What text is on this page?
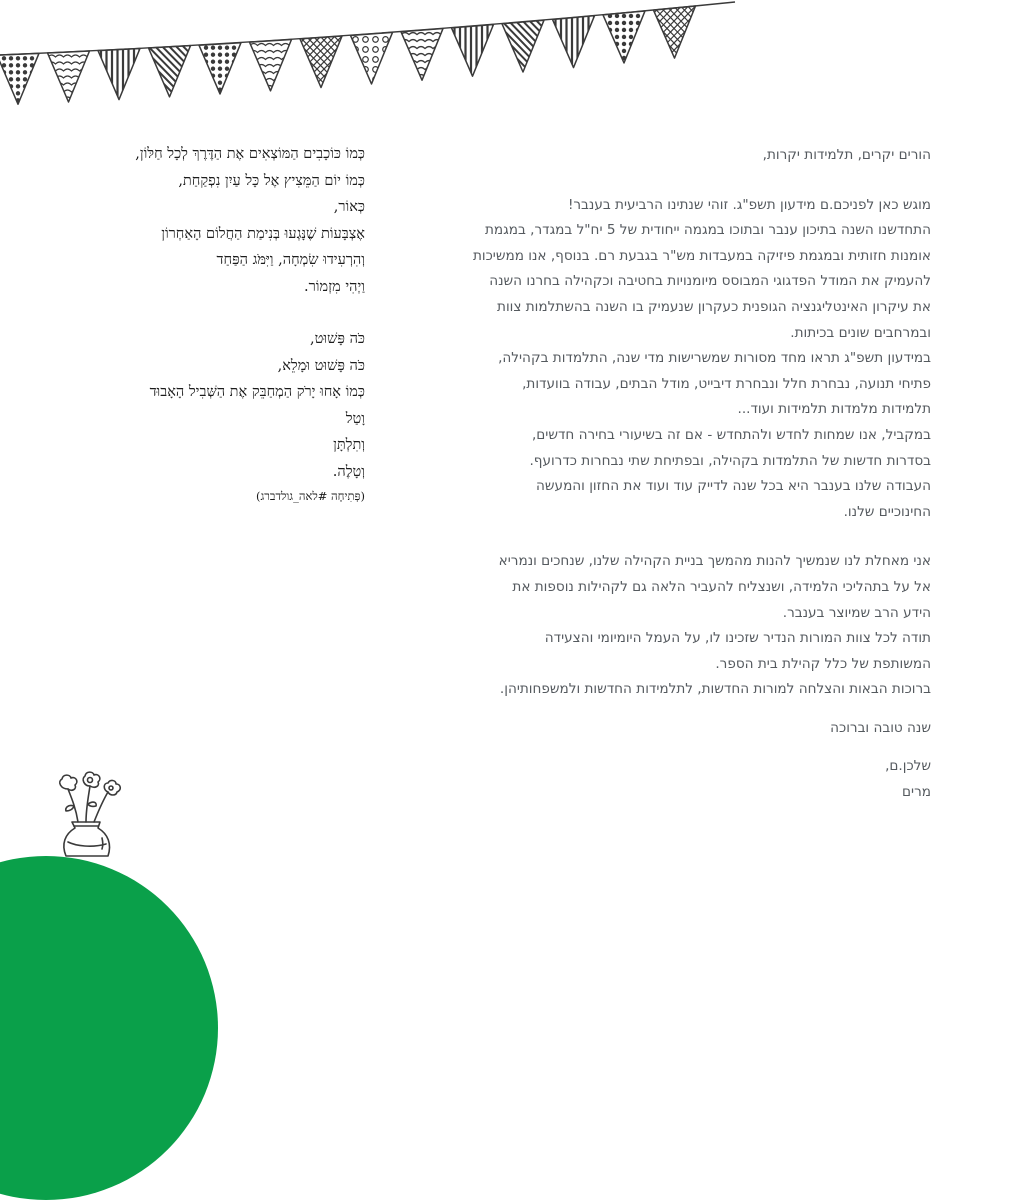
הורים יקרים, תלמידות יקרות,

מוגש כאן לפניכם.ם מידעון תשפ"ג. זוהי שנתינו הרביעית בענבר!

התחדשנו השנה בתיכון ענבר ובתוכו במגמה ייחודית של 5 יח"ל במגדר, במגמת

אומנות חזותית ובמגמת פיזיקה במעבדות מש"ר בגבעת רם. בנוסף, אנו ממשיכות

להעמיק את המודל הפדגוגי המבוסס מיומנויות בחטיבה וכקהילה בחרנו השנה

את עיקרון האינטליגנציה הגופנית כעקרון שנעמיק בו השנה בהשתלמות צוות

ובמרחבים שונים בכיתות.

במידעון תשפ"ג תראו מחד מסורות שמשרישות מדי שנה, התלמדות בקהילה,

פתיחי תנועה, נבחרת חלל ונבחרת דיבייט, מודל הבתים, עבודה בוועדות,

תלמידות מלמדות תלמידות ועוד...

במקביל, אנו שמחות לחדש ולהתחדש - אם זה בשיעורי בחירה חדשים,

בסדרות חדשות של התלמדות בקהילה, ובפתיחת שתי נבחרות כדרועף.

העבודה שלנו בענבר היא בכל שנה לדייק עוד ועוד את החזון והמעשה

החינוכיים שלנו.

אני מאחלת לנו שנמשיך להנות מהמשך בניית הקהילה שלנו, שנחכים ונמריא

אל על בתהליכי הלמידה, ושנצליח להעביר הלאה גם לקהילות נוספות את

הידע הרב שמיוצר בענבר.

תודה לכל צוות המורות הנדיר שזכינו לו, על העמל היומיומי והצעידה

המשותפת של כלל קהילת בית הספר.

ברוכות הבאות והצלחה למורות החדשות, לתלמידות החדשות ולמשפחותיהן.

שנה טובה וברוכה

שלכן.ם,

מרים

כְּמוֹ כּוֹכָבִים הַמּוֹצְאִים אֶת הַדֶּרֶךְ לְכָל חַלּוֹן,

כְּמוֹ יוֹם הַמֵּצִיץ אֶל כָּל עַיִן נִפְקַחַת,

כְּאוֹר,

אֶצְבָּעוֹת שֶׁנָּגְעוּ בְּנִימַת הַחֲלוֹם הָאַחְרוֹן

וְהִרְעִידוּ שִׂמְחָה, וַיִּמֹּג הַפַּחַד

וַיְהִי מִזְמוֹר.

כֹּה פָּשׁוּט,

כֹּה פָּשׁוּט וּמָלֵא,

כְּמוֹ אָחוּ יָרֹק הַמְחַבֵּק אֶת הַשְּׁבִיל הָאָבוּד

וָטַל

וְתִלְתָּן

וְטָלֶה.

(פְּתִיחָה #לאה_גולדברג)
